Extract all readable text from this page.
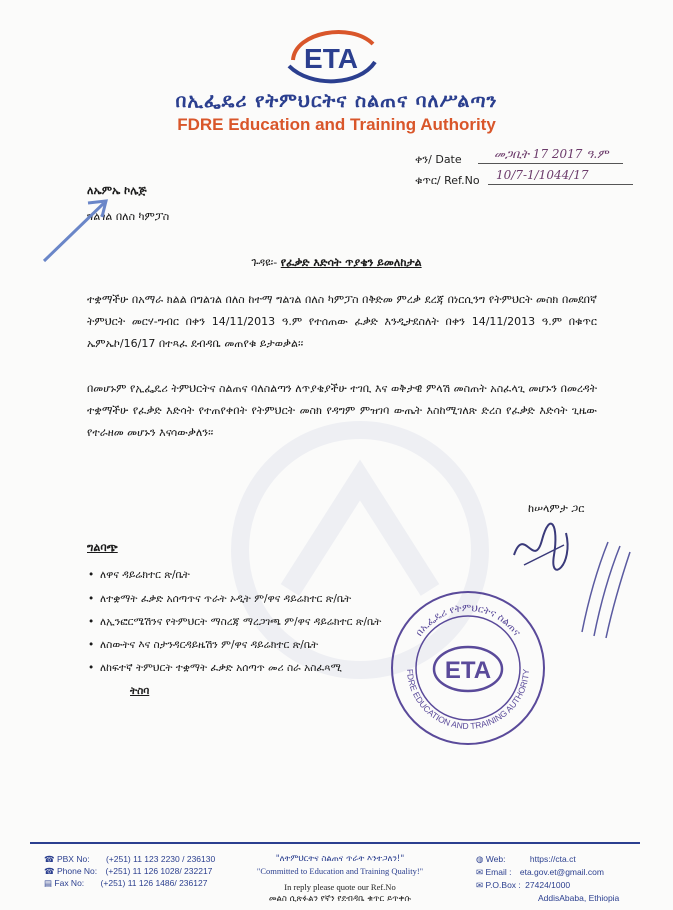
ETA
በኢፌዴሪ የትምህርትና ስልጠና ባለሥልጣን
FDRE Education and Training Authority
ቀን/ Date	መጋቢት 17 2017 ዓ.ም
ቁጥር/ Ref.No 10/7-1/1044/17
ለኤምኤ ኮሌጅ
ግልገል በለስ ካምፓስ
ጉዳዩ፡- የፈቃድ እድሳት ጥያቄን ይመለከታል
ተቋማችሁ በአማራ ክልል በግልገል በለስ ከተማ ግልገል በለስ ካምፓስ በቅድመ ምረቃ ደረጃ በነርሲንግ የትምህርት መስክ በመደበኛ ትምህርት መርሃ-ግብር በቀን 14/11/2013 ዓ.ም የተሰጠው ፈቃድ እንዲታደስለት በቀን 14/11/2013 ዓ.ም በቁጥር ኤምኤኮ/16/17 በተጻፈ ደብዳቤ መጠየቁ ይታወቃል፡፡
በመሆኑም የኢፌዴሪ ትምህርትና ስልጠና ባለስልጣን ለጥያቄያችሁ ተገቢ እና ወቅታዊ ምላሽ መስጠት አስፈላጊ መሆኑን በመረዳት ተቋማችሁ የፈቃድ እድሳት የተጠየቀበት የትምህርት መስክ የዳግም ምዝገባ ውጤት እስከሚገለጽ ድረስ የፈቃድ እድሳት ጊዜው የተራዘመ መሆኑን እናሳውቃለን፡፡
ከሠላምታ ጋር
ግልባጭ
• ለዋና ዳይሬክተር ጽ/ቤት
• ለተቋማት ፈቃድ አሰጣጥና ጥራት ኦዲት ም/ዋና ዳይሬክተር ጽ/ቤት
• ለኢንፎርሜሽንና የትምህርት ማስረጃ ማረጋገጫ ም/ዋና ዳይሬክተር ጽ/ቤት
• ለስውትና እና ስታንዳርዳይዜሽን ም/ዋና ዳይሬክተር ጽ/ቤት
• ለከፍተኛ ትምህርት ተቋማት ፈቃድ አሰጣጥ መሪ ስራ አስፈጻሚ
ትስባ
በኢፌዴሪ የትምህርትና ስልጠና
FDRE EDUCATION AND TRAINING AUTHORITY
ETA
☎ PBX No: (+251) 11 123 2230 / 236130
☎ Phone No: (+251) 11 126 1028/ 232217
▤ Fax No: (+251) 11 126 1486/ 236127
"ለትምህርትና ስልጠና ጥራት እንተጋለን!"
"Committed to Education and Training Quality!"
In reply please quote our Ref.No
መልስ ሲጽፉልን የኛን የደብዳቤ ቁጥር ይጥቀሱ
◍ Web:	https://cta.ct
✉ Email : eta.gov.et@gmail.com
✉ P.O.Box : 27424/1000
AddisAbaba, Ethiopia
